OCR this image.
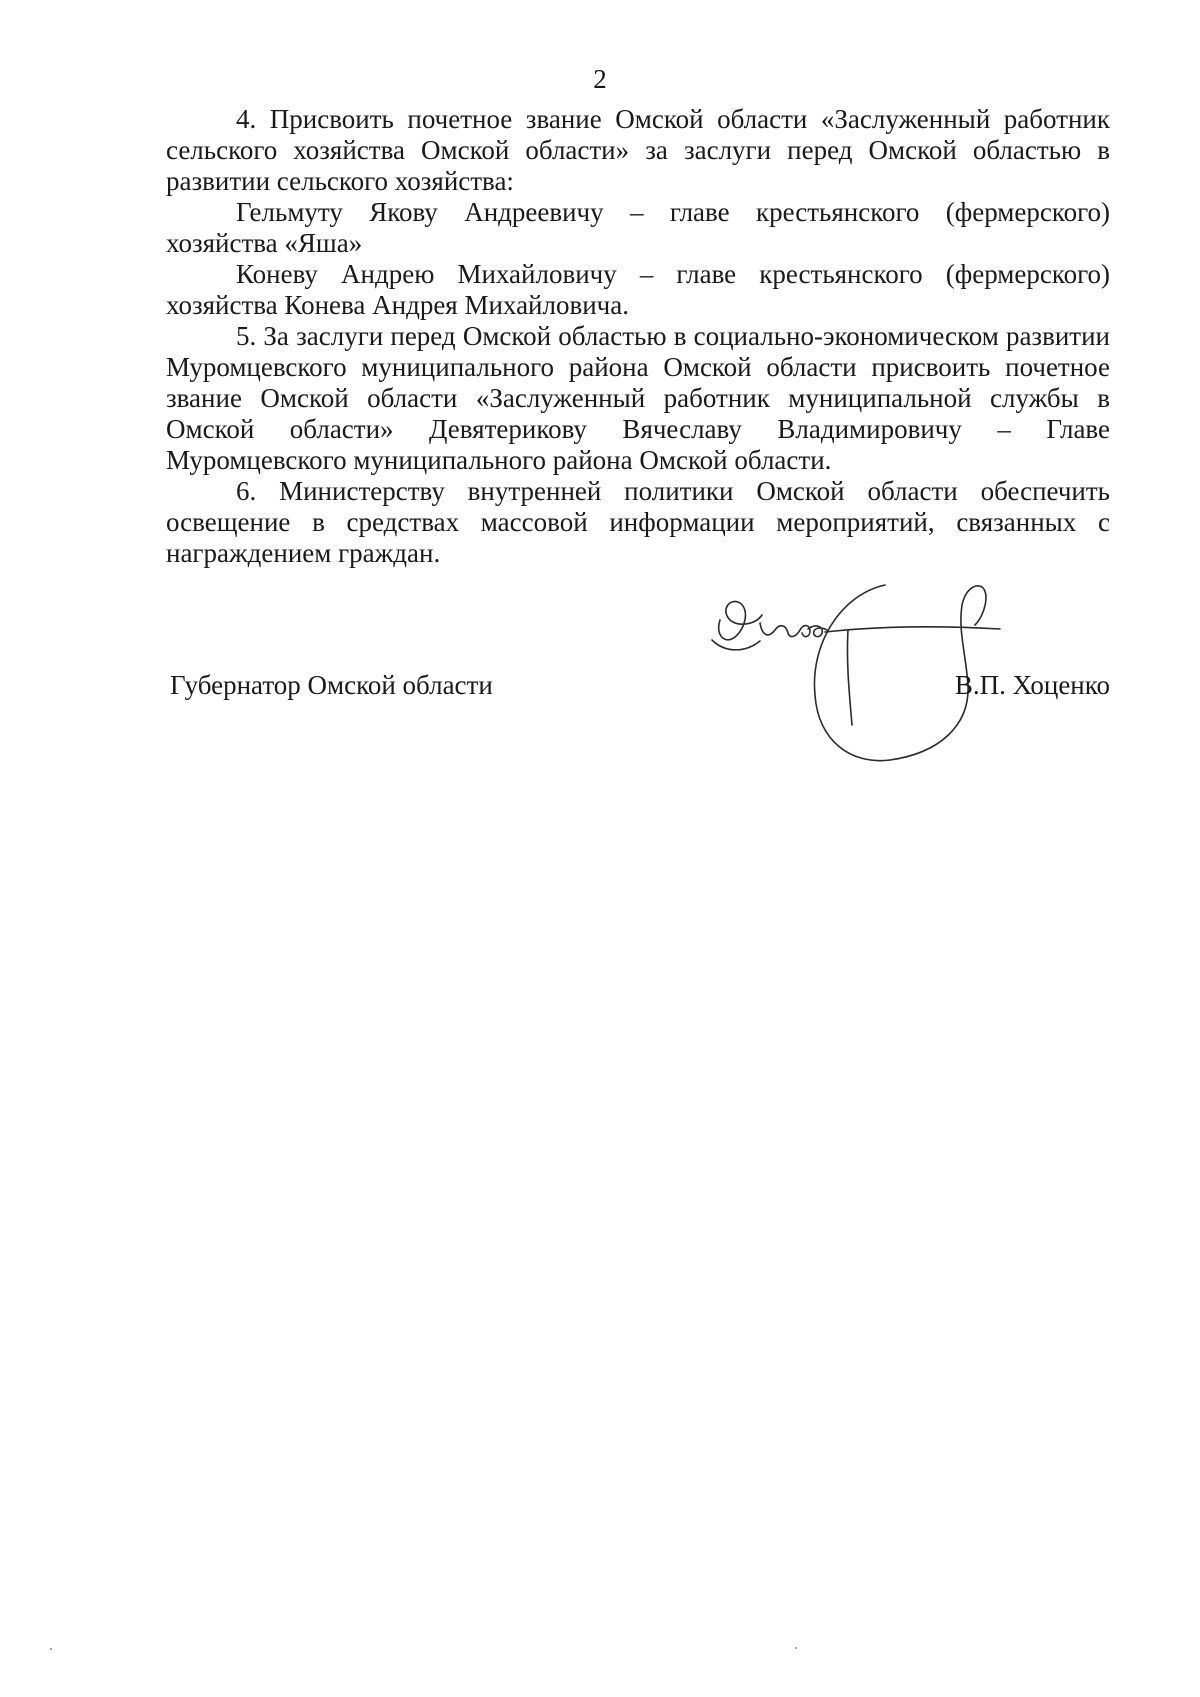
2

4. Присвоить почетное звание Омской области «Заслуженный работник сельского хозяйства Омской области» за заслуги перед Омской областью в развитии сельского хозяйства:

Гельмуту Якову Андреевичу – главе крестьянского (фермерского) хозяйства «Яша»

Коневу Андрею Михайловичу – главе крестьянского (фермерского) хозяйства Конева Андрея Михайловича.

5. За заслуги перед Омской областью в социально-экономическом развитии Муромцевского муниципального района Омской области присвоить почетное звание Омской области «Заслуженный работник муниципальной службы в Омской области» Девятерикову Вячеславу Владимировичу – Главе Муромцевского муниципального района Омской области.

6. Министерству внутренней политики Омской области обеспечить освещение в средствах массовой информации мероприятий, связанных с награждением граждан.

Губернатор Омской области	В.П. Хоценко
